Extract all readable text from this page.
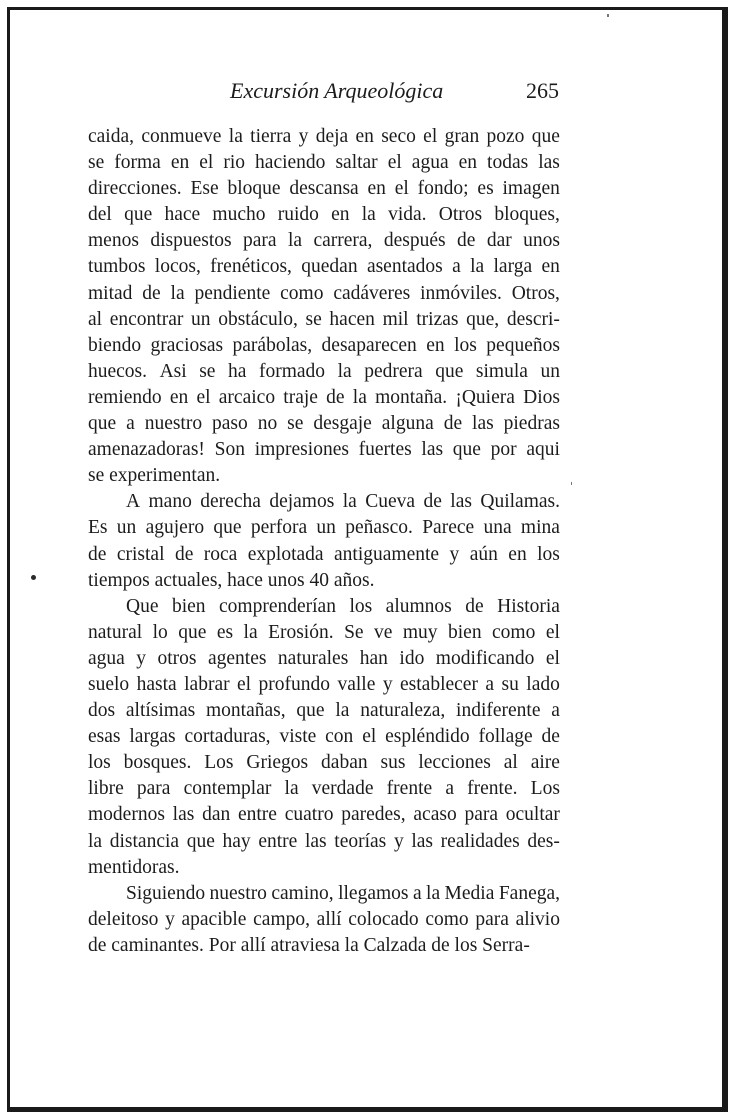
Excursión Arqueológica	265
caida, conmueve la tierra y deja en seco el gran pozo que
se forma en el rio haciendo saltar el agua en todas las
direcciones. Ese bloque descansa en el fondo; es imagen
del que hace mucho ruido en la vida. Otros bloques,
menos dispuestos para la carrera, después de dar unos
tumbos locos, frenéticos, quedan asentados a la larga en
mitad de la pendiente como cadáveres inmóviles. Otros,
al encontrar un obstáculo, se hacen mil trizas que, descri-
biendo graciosas parábolas, desaparecen en los pequeños
huecos. Asi se ha formado la pedrera que simula un
remiendo en el arcaico traje de la montaña. ¡Quiera Dios
que a nuestro paso no se desgaje alguna de las piedras
amenazadoras! Son impresiones fuertes las que por aqui
se experimentan.
A mano derecha dejamos la Cueva de las Quilamas.
Es un agujero que perfora un peñasco. Parece una mina
de cristal de roca explotada antiguamente y aún en los
tiempos actuales, hace unos 40 años.
Que bien comprenderían los alumnos de Historia
natural lo que es la Erosión. Se ve muy bien como el
agua y otros agentes naturales han ido modificando el
suelo hasta labrar el profundo valle y establecer a su lado
dos altísimas montañas, que la naturaleza, indiferente a
esas largas cortaduras, viste con el espléndido follage de
los bosques. Los Griegos daban sus lecciones al aire
libre para contemplar la verdade frente a frente. Los
modernos las dan entre cuatro paredes, acaso para ocultar
la distancia que hay entre las teorías y las realidades des-
mentidoras.
Siguiendo nuestro camino, llegamos a la Media Fanega,
deleitoso y apacible campo, allí colocado como para alivio
de caminantes. Por allí atraviesa la Calzada de los Serra-
